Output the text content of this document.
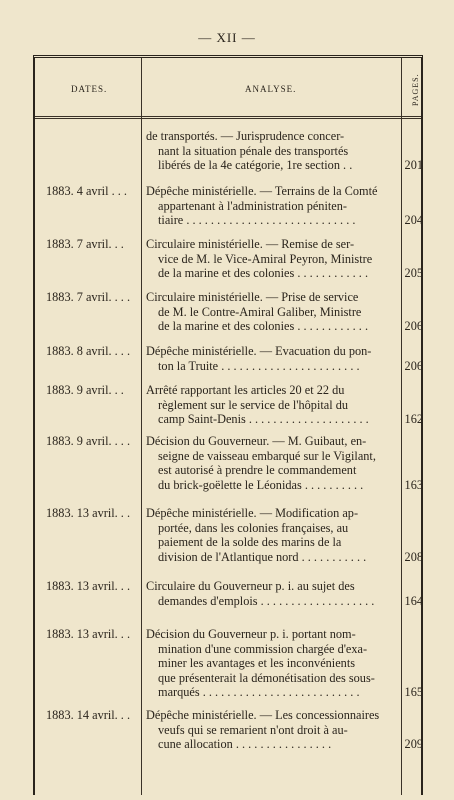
— XII —
DATES.	ANALYSE.	PAGES.
de transportés. — Jurisprudence concer-
nant la situation pénale des transportés
libérés de la 4e catégorie, 1re section . .	201
1883. 4 avril . . . Dépêche ministérielle. — Terrains de la Comté
appartenant à l'administration péniten-
tiaire . . . . . . . . . . . . . . . . . . . . . . . . . . . .	204
1883. 7 avril. . . Circulaire ministérielle. — Remise de ser-
vice de M. le Vice-Amiral Peyron, Ministre
de la marine et des colonies . . . . . . . . . . . .	205
1883. 7 avril. . . . Circulaire ministérielle. — Prise de service
de M. le Contre-Amiral Galiber, Ministre
de la marine et des colonies . . . . . . . . . . . .	206
1883. 8 avril. . . . Dépêche ministérielle. — Evacuation du pon-
ton la Truite . . . . . . . . . . . . . . . . . . . . . . .	206
1883. 9 avril. . . Arrêté rapportant les articles 20 et 22 du
règlement sur le service de l'hôpital du
camp Saint-Denis . . . . . . . . . . . . . . . . . . . .	162
1883. 9 avril. . . . Décision du Gouverneur. — M. Guibaut, en-
seigne de vaisseau embarqué sur le Vigilant,
est autorisé à prendre le commandement
du brick-goëlette le Léonidas . . . . . . . . . .	163
1883. 13 avril. . . Dépêche ministérielle. — Modification ap-
portée, dans les colonies françaises, au
paiement de la solde des marins de la
division de l'Atlantique nord . . . . . . . . . . .	208
1883. 13 avril. . . Circulaire du Gouverneur p. i. au sujet des
demandes d'emplois . . . . . . . . . . . . . . . . . . .	164
1883. 13 avril. . . Décision du Gouverneur p. i. portant nom-
mination d'une commission chargée d'exa-
miner les avantages et les inconvénients
que présenterait la démonétisation des sous-
marqués . . . . . . . . . . . . . . . . . . . . . . . . . .	165
1883. 14 avril. . . Dépêche ministérielle. — Les concessionnaires
veufs qui se remarient n'ont droit à au-
cune allocation . . . . . . . . . . . . . . . .	209
